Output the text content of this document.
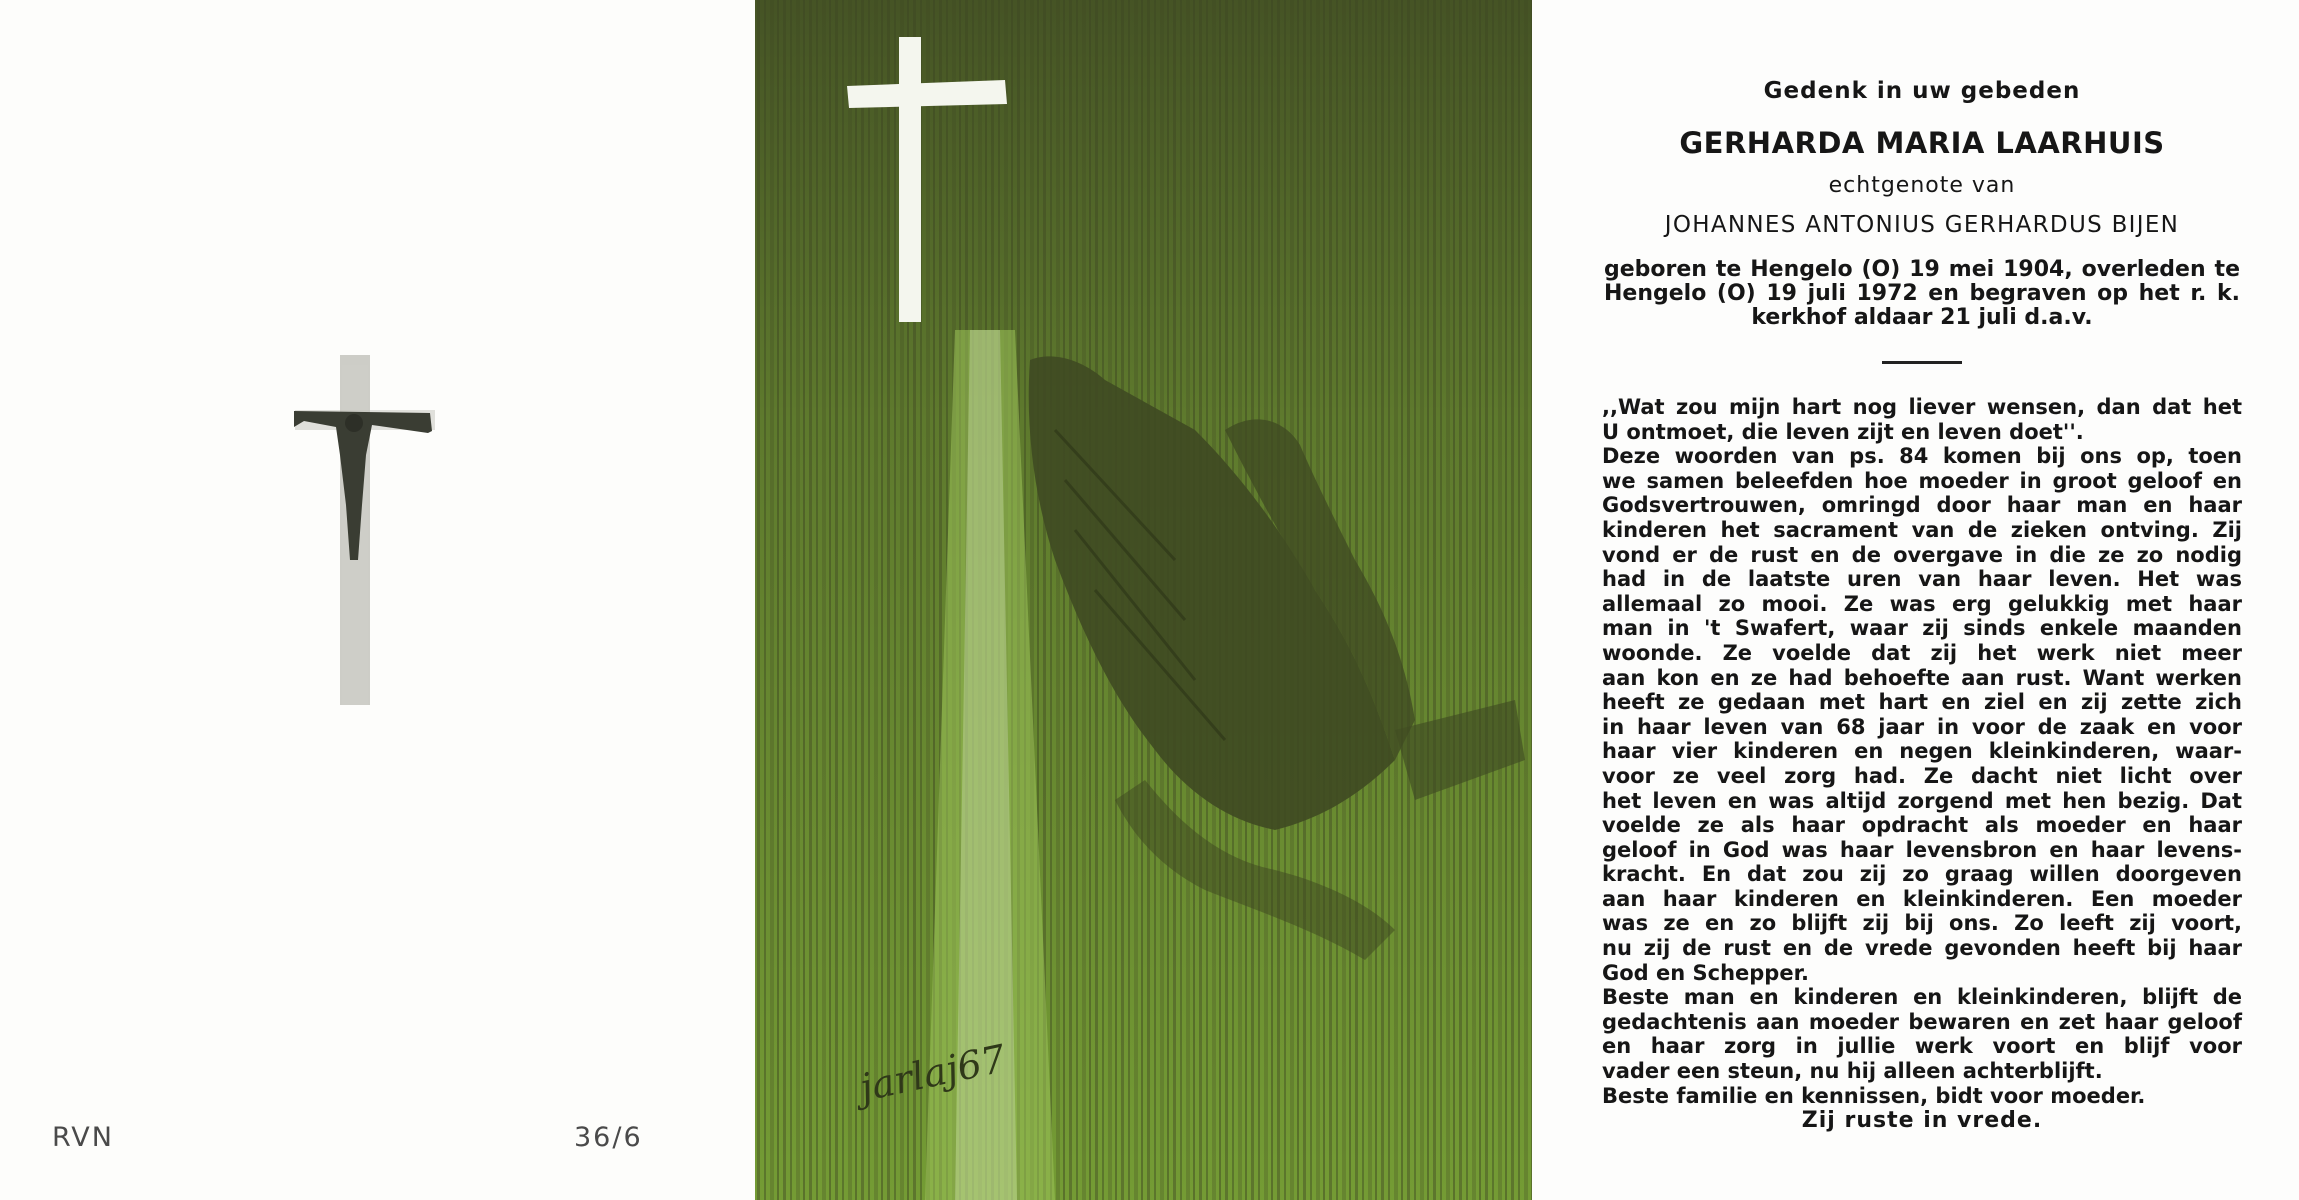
RVN	36/6
jarlaj67
Gedenk in uw gebeden
GERHARDA MARIA LAARHUIS
echtgenote van
JOHANNES ANTONIUS GERHARDUS BIJEN
geboren te Hengelo (O) 19 mei 1904, overleden te Hengelo (O) 19 juli 1972 en begraven op het r. k. kerkhof aldaar 21 juli d.a.v.

,,Wat zou mijn hart nog liever wensen, dan dat het

U ontmoet, die leven zijt en leven doet''.

Deze woorden van ps. 84 komen bij ons op, toen

we samen beleefden hoe moeder in groot geloof en

Godsvertrouwen, omringd door haar man en haar

kinderen het sacrament van de zieken ontving. Zij

vond er de rust en de overgave in die ze zo nodig

had in de laatste uren van haar leven. Het was

allemaal zo mooi. Ze was erg gelukkig met haar

man in 't Swafert, waar zij sinds enkele maanden

woonde. Ze voelde dat zij het werk niet meer

aan kon en ze had behoefte aan rust. Want werken

heeft ze gedaan met hart en ziel en zij zette zich

in haar leven van 68 jaar in voor de zaak en voor

haar vier kinderen en negen kleinkinderen, waar-

voor ze veel zorg had. Ze dacht niet licht over

het leven en was altijd zorgend met hen bezig. Dat

voelde ze als haar opdracht als moeder en haar

geloof in God was haar levensbron en haar levens-

kracht. En dat zou zij zo graag willen doorgeven

aan haar kinderen en kleinkinderen. Een moeder

was ze en zo blijft zij bij ons. Zo leeft zij voort,

nu zij de rust en de vrede gevonden heeft bij haar

God en Schepper.

Beste man en kinderen en kleinkinderen, blijft de

gedachtenis aan moeder bewaren en zet haar geloof

en haar zorg in jullie werk voort en blijf voor

vader een steun, nu hij alleen achterblijft.

Beste familie en kennissen, bidt voor moeder.

Zij ruste in vrede.
